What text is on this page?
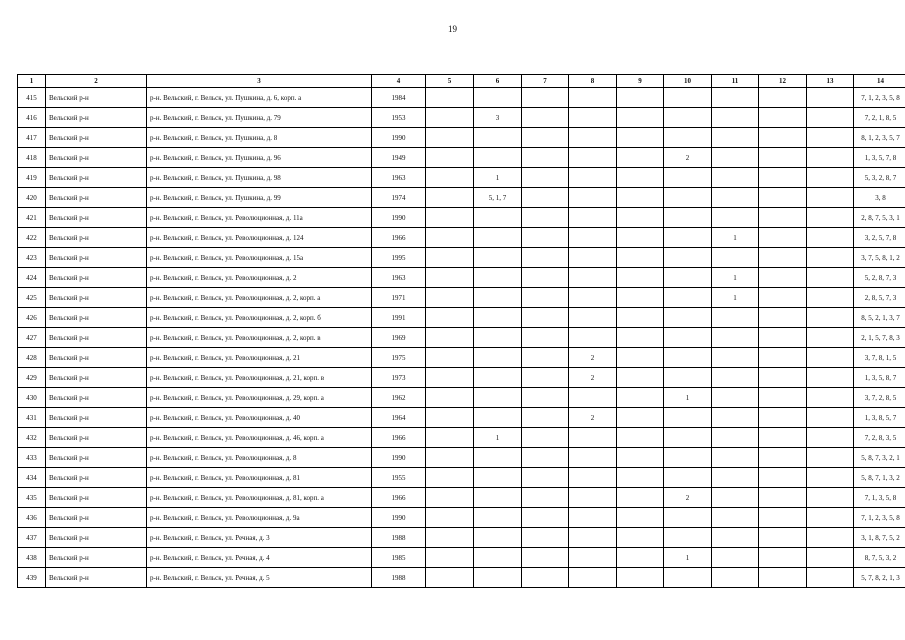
19
1	2	3	4	5	6	7	8	9	10	11	12	13	14
415	Вельский р-н	р-н. Вельский, г. Вельск, ул. Пушкина, д. 6, корп. а	1984										7, 1, 2, 3, 5, 8
416	Вельский р-н	р-н. Вельский, г. Вельск, ул. Пушкина, д. 79	1953		3								7, 2, 1, 8, 5
417	Вельский р-н	р-н. Вельский, г. Вельск, ул. Пушкина, д. 8	1990										8, 1, 2, 3, 5, 7
418	Вельский р-н	р-н. Вельский, г. Вельск, ул. Пушкина, д. 96	1949						2				1, 3, 5, 7, 8
419	Вельский р-н	р-н. Вельский, г. Вельск, ул. Пушкина, д. 98	1963		1								5, 3, 2, 8, 7
420	Вельский р-н	р-н. Вельский, г. Вельск, ул. Пушкина, д. 99	1974		5, 1, 7								3, 8
421	Вельский р-н	р-н. Вельский, г. Вельск, ул. Революционная, д. 11а	1990										2, 8, 7, 5, 3, 1
422	Вельский р-н	р-н. Вельский, г. Вельск, ул. Революционная, д. 124	1966							1			3, 2, 5, 7, 8
423	Вельский р-н	р-н. Вельский, г. Вельск, ул. Революционная, д. 15а	1995										3, 7, 5, 8, 1, 2
424	Вельский р-н	р-н. Вельский, г. Вельск, ул. Революционная, д. 2	1963							1			5, 2, 8, 7, 3
425	Вельский р-н	р-н. Вельский, г. Вельск, ул. Революционная, д. 2, корп. а	1971							1			2, 8, 5, 7, 3
426	Вельский р-н	р-н. Вельский, г. Вельск, ул. Революционная, д. 2, корп. б	1991										8, 5, 2, 1, 3, 7
427	Вельский р-н	р-н. Вельский, г. Вельск, ул. Революционная, д. 2, корп. в	1969										2, 1, 5, 7, 8, 3
428	Вельский р-н	р-н. Вельский, г. Вельск, ул. Революционная, д. 21	1975				2						3, 7, 8, 1, 5
429	Вельский р-н	р-н. Вельский, г. Вельск, ул. Революционная, д. 21, корп. в	1973				2						1, 3, 5, 8, 7
430	Вельский р-н	р-н. Вельский, г. Вельск, ул. Революционная, д. 29, корп. а	1962						1				3, 7, 2, 8, 5
431	Вельский р-н	р-н. Вельский, г. Вельск, ул. Революционная, д. 40	1964				2						1, 3, 8, 5, 7
432	Вельский р-н	р-н. Вельский, г. Вельск, ул. Революционная, д. 46, корп. а	1966		1								7, 2, 8, 3, 5
433	Вельский р-н	р-н. Вельский, г. Вельск, ул. Революционная, д. 8	1990										5, 8, 7, 3, 2, 1
434	Вельский р-н	р-н. Вельский, г. Вельск, ул. Революционная, д. 81	1955										5, 8, 7, 1, 3, 2
435	Вельский р-н	р-н. Вельский, г. Вельск, ул. Революционная, д. 81, корп. а	1966						2				7, 1, 3, 5, 8
436	Вельский р-н	р-н. Вельский, г. Вельск, ул. Революционная, д. 9а	1990										7, 1, 2, 3, 5, 8
437	Вельский р-н	р-н. Вельский, г. Вельск, ул. Речная, д. 3	1988										3, 1, 8, 7, 5, 2
438	Вельский р-н	р-н. Вельский, г. Вельск, ул. Речная, д. 4	1985						1				8, 7, 5, 3, 2
439	Вельский р-н	р-н. Вельский, г. Вельск, ул. Речная, д. 5	1988										5, 7, 8, 2, 1, 3
